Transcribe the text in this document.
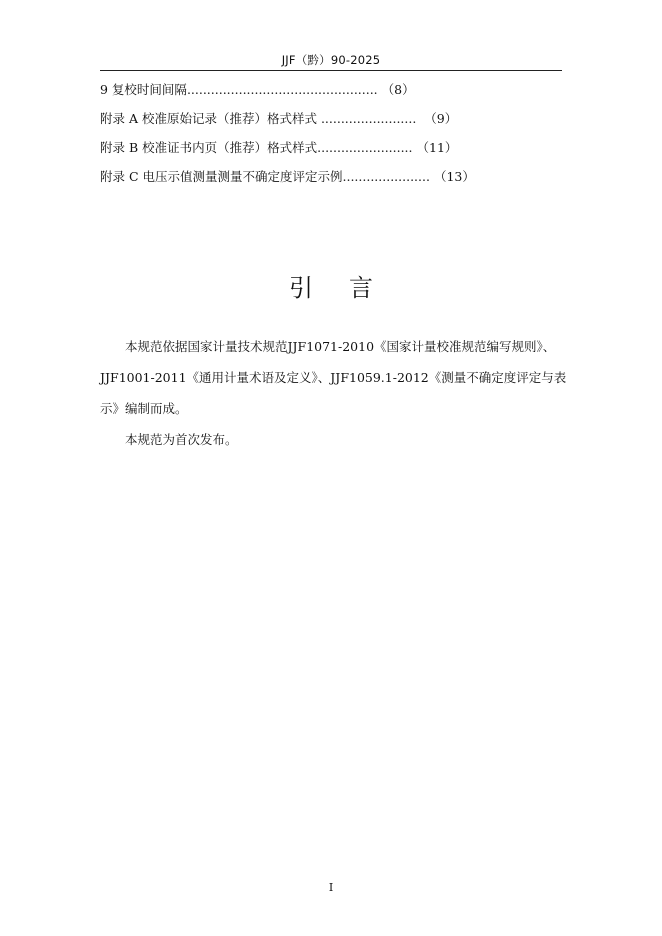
JJF（黔）90-2025
9 复校时间间隔................................................ （8）
附录 A 校准原始记录（推荐）格式样式 ........................ （9）
附录 B 校准证书内页（推荐）格式样式........................ （11）
附录 C 电压示值测量测量不确定度评定示例...................... （13）
引言

本规范依据国家计量技术规范JJF1071-2010《国家计量校准规范编写规则》、JJF1001-2011《通用计量术语及定义》、JJF1059.1-2012《测量不确定度评定与表示》编制而成。

本规范为首次发布。

I
